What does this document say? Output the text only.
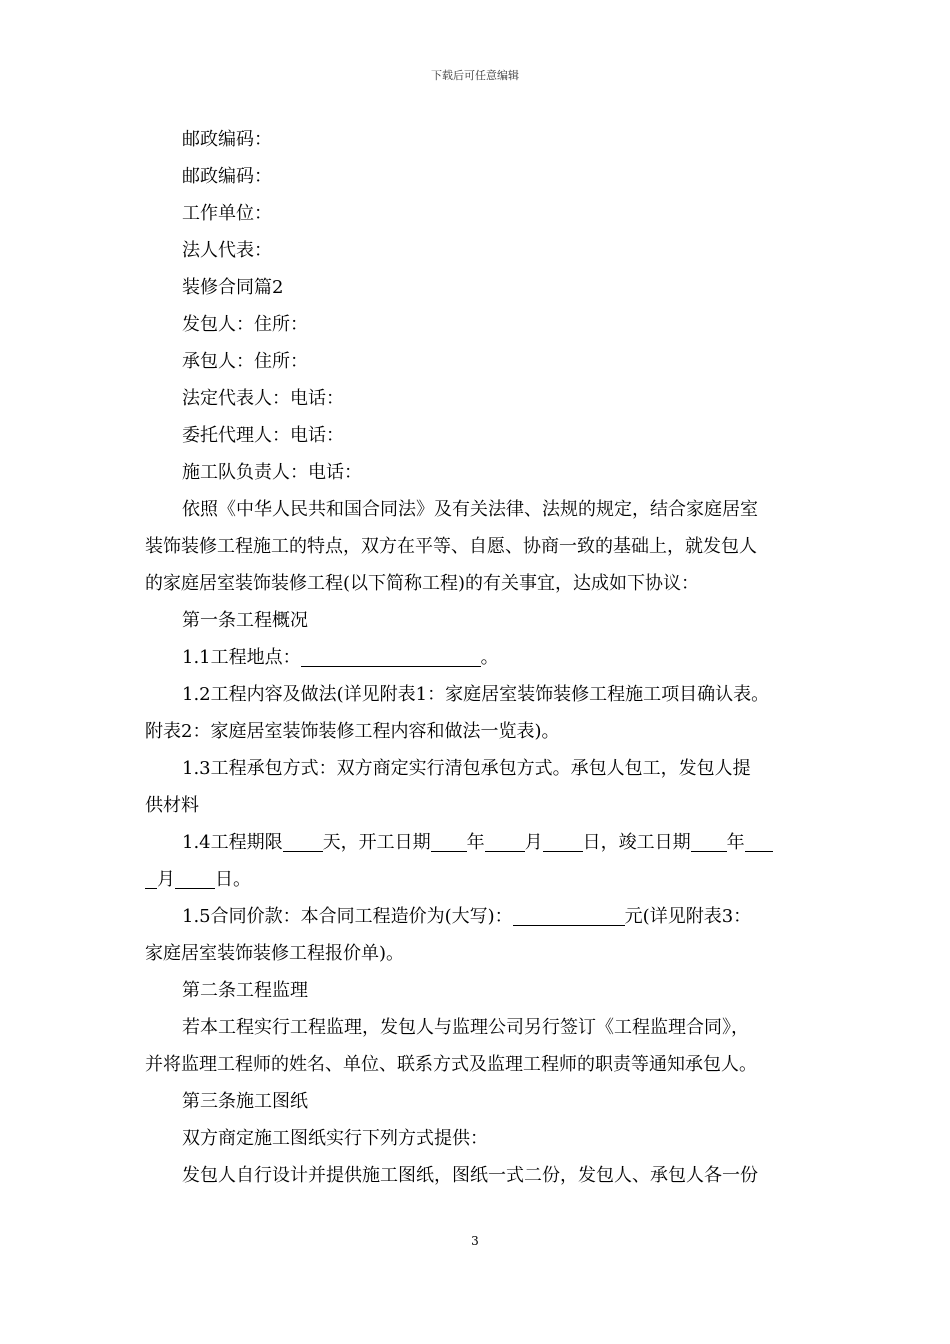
下载后可任意编辑

邮政编码：

邮政编码：

工作单位：

法人代表：

装修合同篇2

发包人：住所：

承包人：住所：

法定代表人：电话：

委托代理人：电话：

施工队负责人：电话：

依照《中华人民共和国合同法》及有关法律、法规的规定，结合家庭居室

装饰装修工程施工的特点，双方在平等、自愿、协商一致的基础上，就发包人

的家庭居室装饰装修工程(以下简称工程)的有关事宜，达成如下协议：

第一条工程概况

1.1工程地点：	。

1.2工程内容及做法(详见附表1：家庭居室装饰装修工程施工项目确认表。

附表2：家庭居室装饰装修工程内容和做法一览表)。

1.3工程承包方式：双方商定实行清包承包方式。承包人包工，发包人提

供材料

1.4工程期限 天，开工日期 年 月 日，竣工日期 年

月 日。

1.5合同价款：本合同工程造价为(大写)：	元(详见附表3：

家庭居室装饰装修工程报价单)。

第二条工程监理

若本工程实行工程监理，发包人与监理公司另行签订《工程监理合同》，

并将监理工程师的姓名、单位、联系方式及监理工程师的职责等通知承包人。

第三条施工图纸

双方商定施工图纸实行下列方式提供：

发包人自行设计并提供施工图纸，图纸一式二份，发包人、承包人各一份

3
